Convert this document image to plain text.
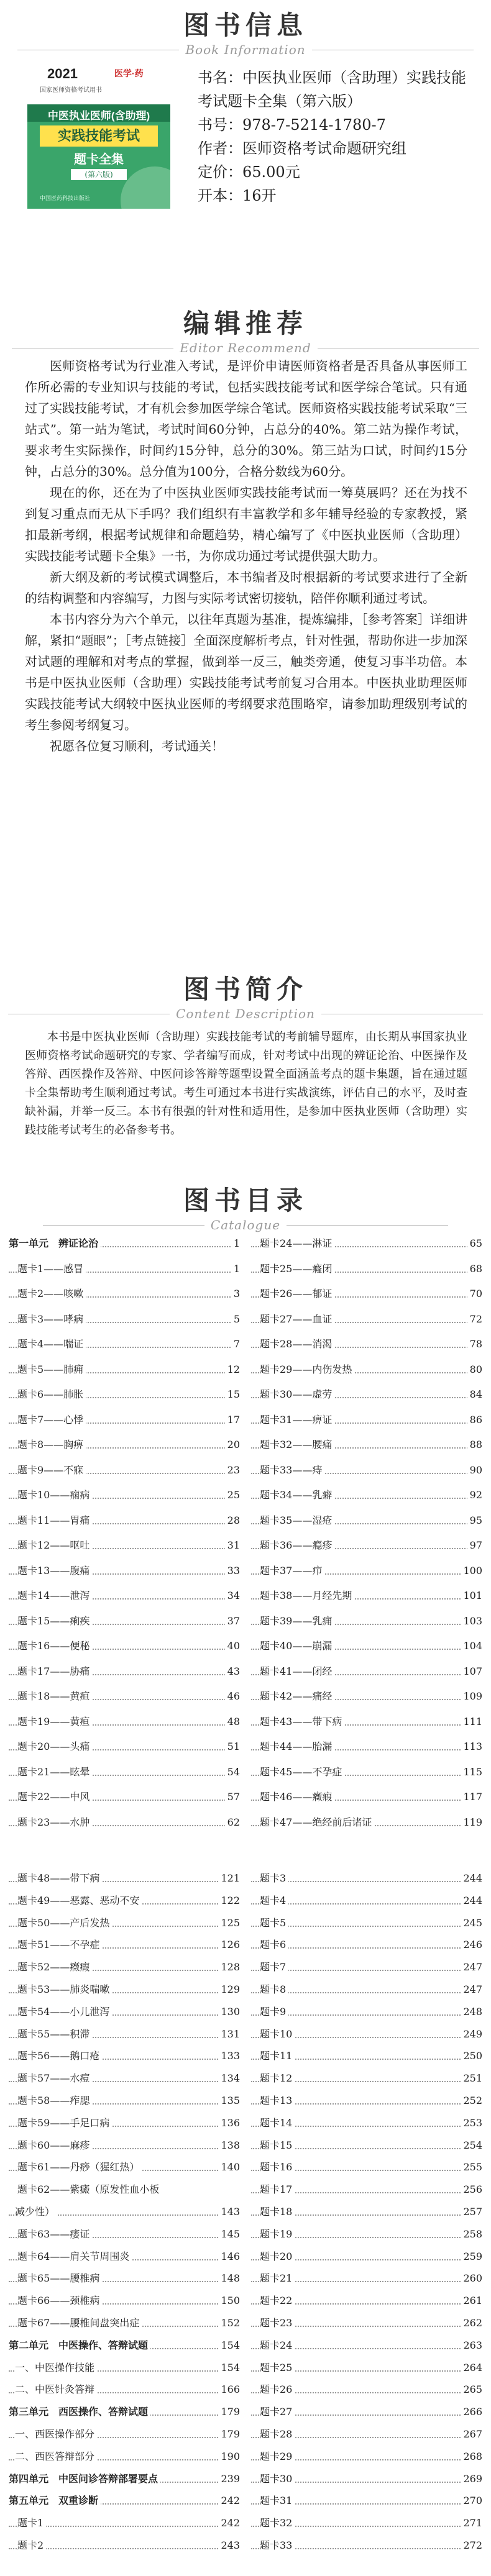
图书信息
Book Information
2021	医学·药
国家医师资格考试用书
中医执业医师(含助理)
实践技能考试
题卡全集
(第六版)
中国医药科技出版社

书名：中医执业医师（含助理）实践技能考试题卡全集（第六版）

书号：978-7-5214-1780-7

作者：医师资格考试命题研究组

定价：65.00元

开本：16开

编辑推荐
Editor Recommend

医师资格考试为行业准入考试，是评价申请医师资格者是否具备从事医师工作所必需的专业知识与技能的考试，包括实践技能考试和医学综合笔试。只有通过了实践技能考试，才有机会参加医学综合笔试。医师资格实践技能考试采取“三站式”。第一站为笔试，考试时间60分钟，占总分的40%。第二站为操作考试，要求考生实际操作，时间约15分钟，总分的30%。第三站为口试，时间约15分钟，占总分的30%。总分值为100分，合格分数线为60分。

现在的你，还在为了中医执业医师实践技能考试而一筹莫展吗？还在为找不到复习重点而无从下手吗？我们组织有丰富教学和多年辅导经验的专家教授，紧扣最新考纲，根据考试规律和命题趋势，精心编写了《中医执业医师（含助理）实践技能考试题卡全集》一书，为你成功通过考试提供强大助力。

新大纲及新的考试模式调整后，本书编者及时根据新的考试要求进行了全新的结构调整和内容编写，力图与实际考试密切接轨，陪伴你顺利通过考试。

本书内容分为六个单元，以往年真题为基准，提炼编排，［参考答案］详细讲解，紧扣“题眼”；［考点链接］全面深度解析考点，针对性强，帮助你进一步加深对试题的理解和对考点的掌握，做到举一反三，触类旁通，使复习事半功倍。本书是中医执业医师（含助理）实践技能考试考前复习合用本。中医执业助理医师实践技能考试大纲较中医执业医师的考纲要求范围略窄，请参加助理级别考试的考生参阅考纲复习。

祝愿各位复习顺利，考试通关！

图书简介
Content Description

本书是中医执业医师（含助理）实践技能考试的考前辅导题库，由长期从事国家执业医师资格考试命题研究的专家、学者编写而成，针对考试中出现的辨证论治、中医操作及答辩、西医操作及答辩、中医问诊答辩等题型设置全面涵盖考点的题卡集题，旨在通过题卡全集帮助考生顺利通过考试。考生可通过本书进行实战演练，评估自己的水平，及时查缺补漏，并举一反三。本书有很强的针对性和适用性，是参加中医执业医师（含助理）实践技能考试考生的必备参考书。

图书目录
Catalogue
第一单元　辨证论治	1
题卡1——感冒	1
题卡2——咳嗽	3
题卡3——哮病	5
题卡4——喘证	7
题卡5——肺痈	12
题卡6——肺胀	15
题卡7——心悸	17
题卡8——胸痹	20
题卡9——不寐	23
题卡10——痫病	25
题卡11——胃痛	28
题卡12——呕吐	31
题卡13——腹痛	33
题卡14——泄泻	34
题卡15——痢疾	37
题卡16——便秘	40
题卡17——胁痛	43
题卡18——黄疸	46
题卡19——黄疸	48
题卡20——头痛	51
题卡21——眩晕	54
题卡22——中风	57
题卡23——水肿	62
题卡24——淋证	65
题卡25——癃闭	68
题卡26——郁证	70
题卡27——血证	72
题卡28——消渴	78
题卡29——内伤发热	80
题卡30——虚劳	84
题卡31——痹证	86
题卡32——腰痛	88
题卡33——痔	90
题卡34——乳癖	92
题卡35——湿疮	95
题卡36——瘾疹	97
题卡37——疖	100
题卡38——月经先期	101
题卡39——乳痈	103
题卡40——崩漏	104
题卡41——闭经	107
题卡42——痛经	109
题卡43——带下病	111
题卡44——胎漏	113
题卡45——不孕症	115
题卡46——癥瘕	117
题卡47——绝经前后诸证	119
题卡48——带下病	121
题卡49——恶露、恶动不安	122
题卡50——产后发热	125
题卡51——不孕症	126
题卡52——癥瘕	128
题卡53——肺炎喘嗽	129
题卡54——小儿泄泻	130
题卡55——积滞	131
题卡56——鹅口疮	133
题卡57——水痘	134
题卡58——痄腮	135
题卡59——手足口病	136
题卡60——麻疹	138
题卡61——丹痧（猩红热）	140
题卡62——紫癜（原发性血小板
减少性）	143
题卡63——痿证	145
题卡64——肩关节周围炎	146
题卡65——腰椎病	148
题卡66——颈椎病	150
题卡67——腰椎间盘突出症	152
第二单元　中医操作、答辩试题	154
一、中医操作技能	154
二、中医针灸答辩	166
第三单元　西医操作、答辩试题	179
一、西医操作部分	179
二、西医答辩部分	190
第四单元　中医问诊答辩部署要点	239
第五单元　双重诊断	242
题卡1	242
题卡2	243
题卡3	244
题卡4	244
题卡5	245
题卡6	246
题卡7	247
题卡8	247
题卡9	248
题卡10	249
题卡11	250
题卡12	251
题卡13	252
题卡14	253
题卡15	254
题卡16	255
题卡17	256
题卡18	257
题卡19	258
题卡20	259
题卡21	260
题卡22	261
题卡23	262
题卡24	263
题卡25	264
题卡26	265
题卡27	266
题卡28	267
题卡29	268
题卡30	269
题卡31	270
题卡32	271
题卡33	272
